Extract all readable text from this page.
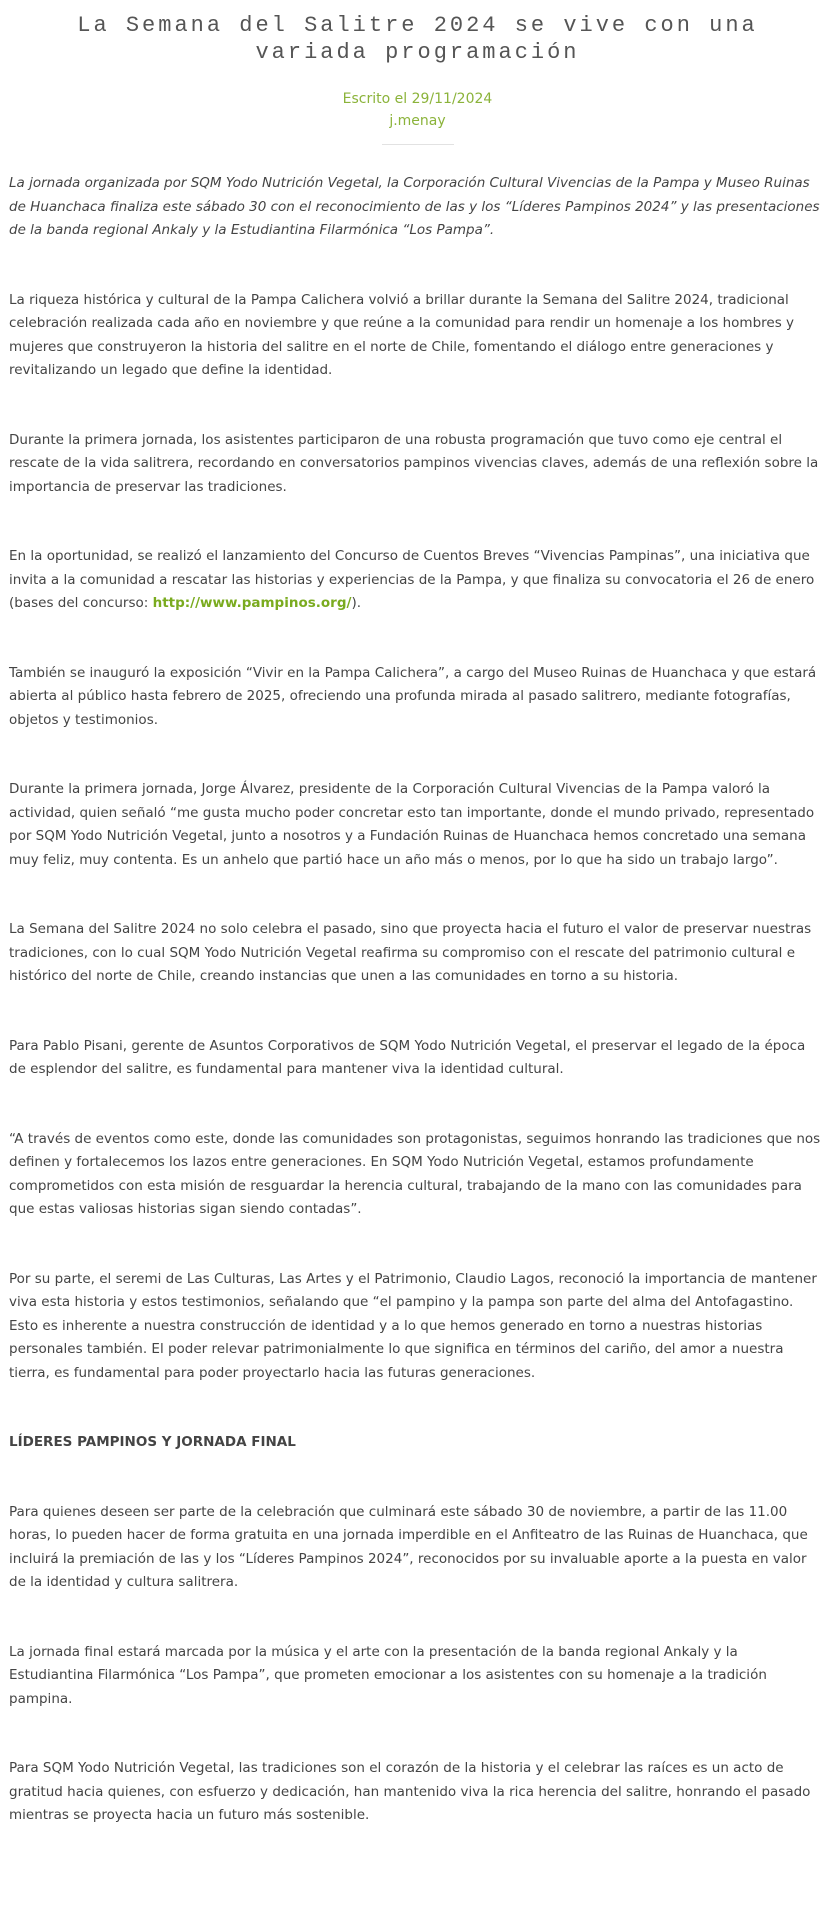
La Semana del Salitre 2024 se vive con una variada programación
Escrito el 29/11/2024
j.menay

La jornada organizada por SQM Yodo Nutrición Vegetal, la Corporación Cultural Vivencias de la Pampa y Museo Ruinas de Huanchaca finaliza este sábado 30 con el reconocimiento de las y los “Líderes Pampinos 2024” y las presentaciones de la banda regional Ankaly y la Estudiantina Filarmónica “Los Pampa”.

La riqueza histórica y cultural de la Pampa Calichera volvió a brillar durante la Semana del Salitre 2024, tradicional celebración realizada cada año en noviembre y que reúne a la comunidad para rendir un homenaje a los hombres y mujeres que construyeron la historia del salitre en el norte de Chile, fomentando el diálogo entre generaciones y revitalizando un legado que define la identidad.

Durante la primera jornada, los asistentes participaron de una robusta programación que tuvo como eje central el rescate de la vida salitrera, recordando en conversatorios pampinos vivencias claves, además de una reflexión sobre la importancia de preservar las tradiciones.

En la oportunidad, se realizó el lanzamiento del Concurso de Cuentos Breves “Vivencias Pampinas”, una iniciativa que invita a la comunidad a rescatar las historias y experiencias de la Pampa, y que finaliza su convocatoria el 26 de enero (bases del concurso: http://www.pampinos.org/).

También se inauguró la exposición “Vivir en la Pampa Calichera”, a cargo del Museo Ruinas de Huanchaca y que estará abierta al público hasta febrero de 2025, ofreciendo una profunda mirada al pasado salitrero, mediante fotografías, objetos y testimonios.

Durante la primera jornada, Jorge Álvarez, presidente de la Corporación Cultural Vivencias de la Pampa valoró la actividad, quien señaló “me gusta mucho poder concretar esto tan importante, donde el mundo privado, representado por SQM Yodo Nutrición Vegetal, junto a nosotros y a Fundación Ruinas de Huanchaca hemos concretado una semana muy feliz, muy contenta. Es un anhelo que partió hace un año más o menos, por lo que ha sido un trabajo largo”.

La Semana del Salitre 2024 no solo celebra el pasado, sino que proyecta hacia el futuro el valor de preservar nuestras tradiciones, con lo cual SQM Yodo Nutrición Vegetal reafirma su compromiso con el rescate del patrimonio cultural e histórico del norte de Chile, creando instancias que unen a las comunidades en torno a su historia.

Para Pablo Pisani, gerente de Asuntos Corporativos de SQM Yodo Nutrición Vegetal, el preservar el legado de la época de esplendor del salitre, es fundamental para mantener viva la identidad cultural.

“A través de eventos como este, donde las comunidades son protagonistas, seguimos honrando las tradiciones que nos definen y fortalecemos los lazos entre generaciones. En SQM Yodo Nutrición Vegetal, estamos profundamente comprometidos con esta misión de resguardar la herencia cultural, trabajando de la mano con las comunidades para que estas valiosas historias sigan siendo contadas”.

Por su parte, el seremi de Las Culturas, Las Artes y el Patrimonio, Claudio Lagos, reconoció la importancia de mantener viva esta historia y estos testimonios, señalando que “el pampino y la pampa son parte del alma del Antofagastino. Esto es inherente a nuestra construcción de identidad y a lo que hemos generado en torno a nuestras historias personales también. El poder relevar patrimonialmente lo que significa en términos del cariño, del amor a nuestra tierra, es fundamental para poder proyectarlo hacia las futuras generaciones.

LÍDERES PAMPINOS Y JORNADA FINAL

Para quienes deseen ser parte de la celebración que culminará este sábado 30 de noviembre, a partir de las 11.00 horas, lo pueden hacer de forma gratuita en una jornada imperdible en el Anfiteatro de las Ruinas de Huanchaca, que incluirá la premiación de las y los “Líderes Pampinos 2024”, reconocidos por su invaluable aporte a la puesta en valor de la identidad y cultura salitrera.

La jornada final estará marcada por la música y el arte con la presentación de la banda regional Ankaly y la Estudiantina Filarmónica “Los Pampa”, que prometen emocionar a los asistentes con su homenaje a la tradición pampina.

Para SQM Yodo Nutrición Vegetal, las tradiciones son el corazón de la historia y el celebrar las raíces es un acto de gratitud hacia quienes, con esfuerzo y dedicación, han mantenido viva la rica herencia del salitre, honrando el pasado mientras se proyecta hacia un futuro más sostenible.
